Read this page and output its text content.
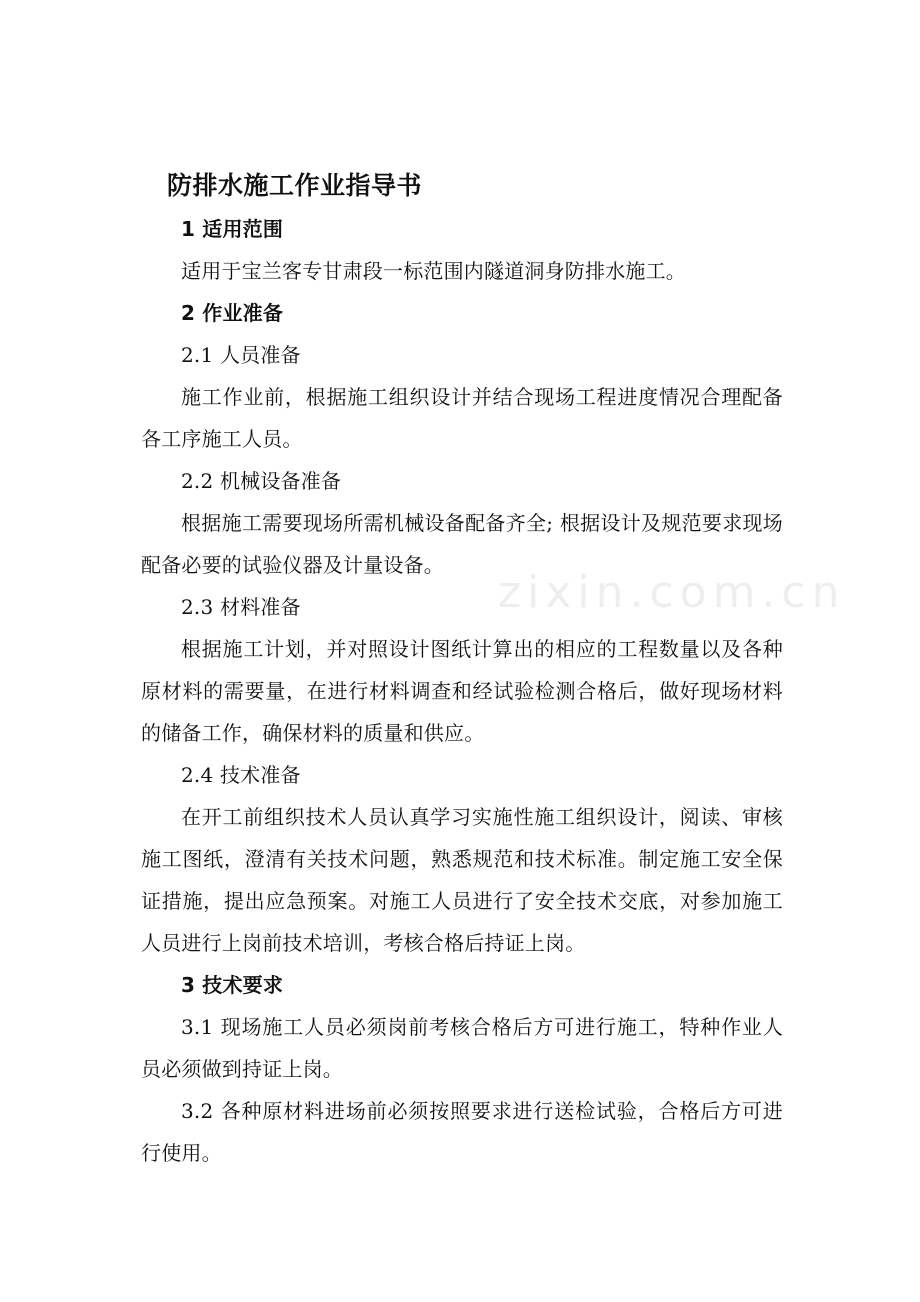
防排水施工作业指导书

1 适用范围

适用于宝兰客专甘肃段一标范围内隧道洞身防排水施工。

2 作业准备

2.1 人员准备

施工作业前，根据施工组织设计并结合现场工程进度情况合理配备各工序施工人员。

2.2 机械设备准备

根据施工需要现场所需机械设备配备齐全; 根据设计及规范要求现场配备必要的试验仪器及计量设备。

2.3 材料准备

根据施工计划，并对照设计图纸计算出的相应的工程数量以及各种原材料的需要量，在进行材料调查和经试验检测合格后，做好现场材料的储备工作，确保材料的质量和供应。

2.4 技术准备

在开工前组织技术人员认真学习实施性施工组织设计，阅读、审核施工图纸，澄清有关技术问题，熟悉规范和技术标准。制定施工安全保证措施，提出应急预案。对施工人员进行了安全技术交底，对参加施工人员进行上岗前技术培训，考核合格后持证上岗。

3 技术要求

3.1 现场施工人员必须岗前考核合格后方可进行施工，特种作业人员必须做到持证上岗。

3.2 各种原材料进场前必须按照要求进行送检试验，合格后方可进行使用。

zixin.com.cn
